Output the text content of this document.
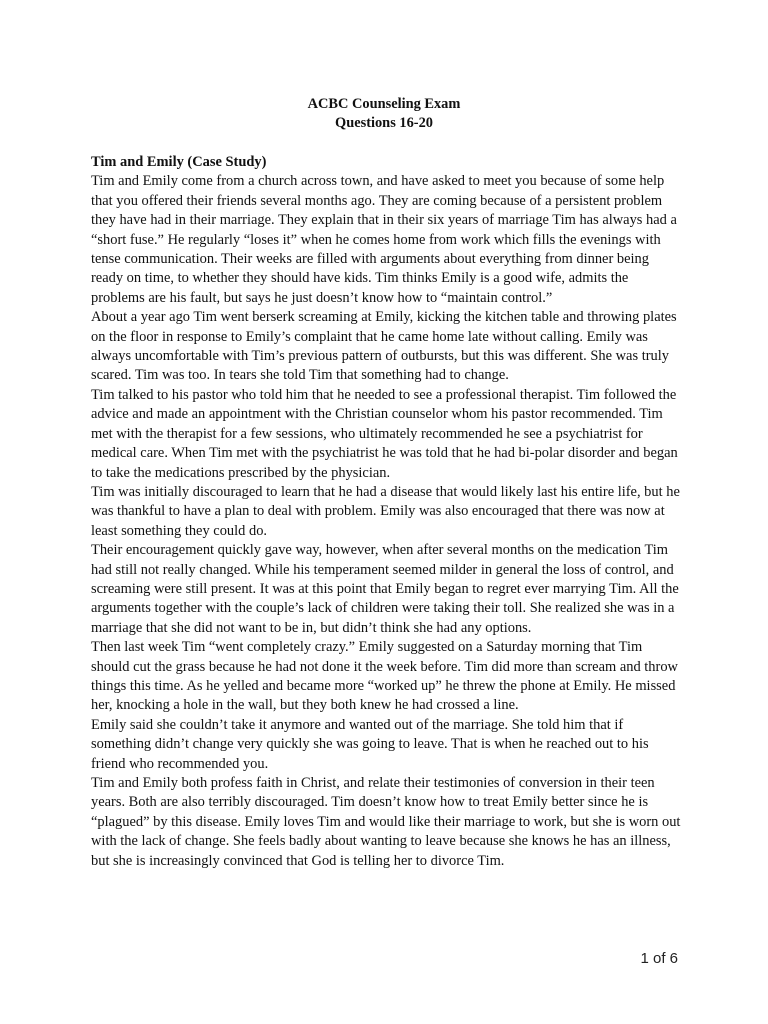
ACBC Counseling Exam
Questions 16-20
Tim and Emily (Case Study)

Tim and Emily come from a church across town, and have asked to meet you because of some help that you offered their friends several months ago. They are coming because of a persistent problem they have had in their marriage. They explain that in their six years of marriage Tim has always had a “short fuse.” He regularly “loses it” when he comes home from work which fills the evenings with tense communication. Their weeks are filled with arguments about everything from dinner being ready on time, to whether they should have kids. Tim thinks Emily is a good wife, admits the problems are his fault, but says he just doesn’t know how to “maintain control.”

About a year ago Tim went berserk screaming at Emily, kicking the kitchen table and throwing plates on the floor in response to Emily’s complaint that he came home late without calling. Emily was always uncomfortable with Tim’s previous pattern of outbursts, but this was different. She was truly scared. Tim was too. In tears she told Tim that something had to change.

Tim talked to his pastor who told him that he needed to see a professional therapist. Tim followed the advice and made an appointment with the Christian counselor whom his pastor recommended. Tim met with the therapist for a few sessions, who ultimately recommended he see a psychiatrist for medical care. When Tim met with the psychiatrist he was told that he had bi-polar disorder and began to take the medications prescribed by the physician.

Tim was initially discouraged to learn that he had a disease that would likely last his entire life, but he was thankful to have a plan to deal with problem. Emily was also encouraged that there was now at least something they could do.

Their encouragement quickly gave way, however, when after several months on the medication Tim had still not really changed. While his temperament seemed milder in general the loss of control, and screaming were still present. It was at this point that Emily began to regret ever marrying Tim. All the arguments together with the couple’s lack of children were taking their toll. She realized she was in a marriage that she did not want to be in, but didn’t think she had any options.

Then last week Tim “went completely crazy.” Emily suggested on a Saturday morning that Tim should cut the grass because he had not done it the week before. Tim did more than scream and throw things this time. As he yelled and became more “worked up” he threw the phone at Emily. He missed her, knocking a hole in the wall, but they both knew he had crossed a line.

Emily said she couldn’t take it anymore and wanted out of the marriage. She told him that if something didn’t change very quickly she was going to leave. That is when he reached out to his friend who recommended you.

Tim and Emily both profess faith in Christ, and relate their testimonies of conversion in their teen years. Both are also terribly discouraged. Tim doesn’t know how to treat Emily better since he is “plagued” by this disease. Emily loves Tim and would like their marriage to work, but she is worn out with the lack of change. She feels badly about wanting to leave because she knows he has an illness, but she is increasingly convinced that God is telling her to divorce Tim.

1 of 6
